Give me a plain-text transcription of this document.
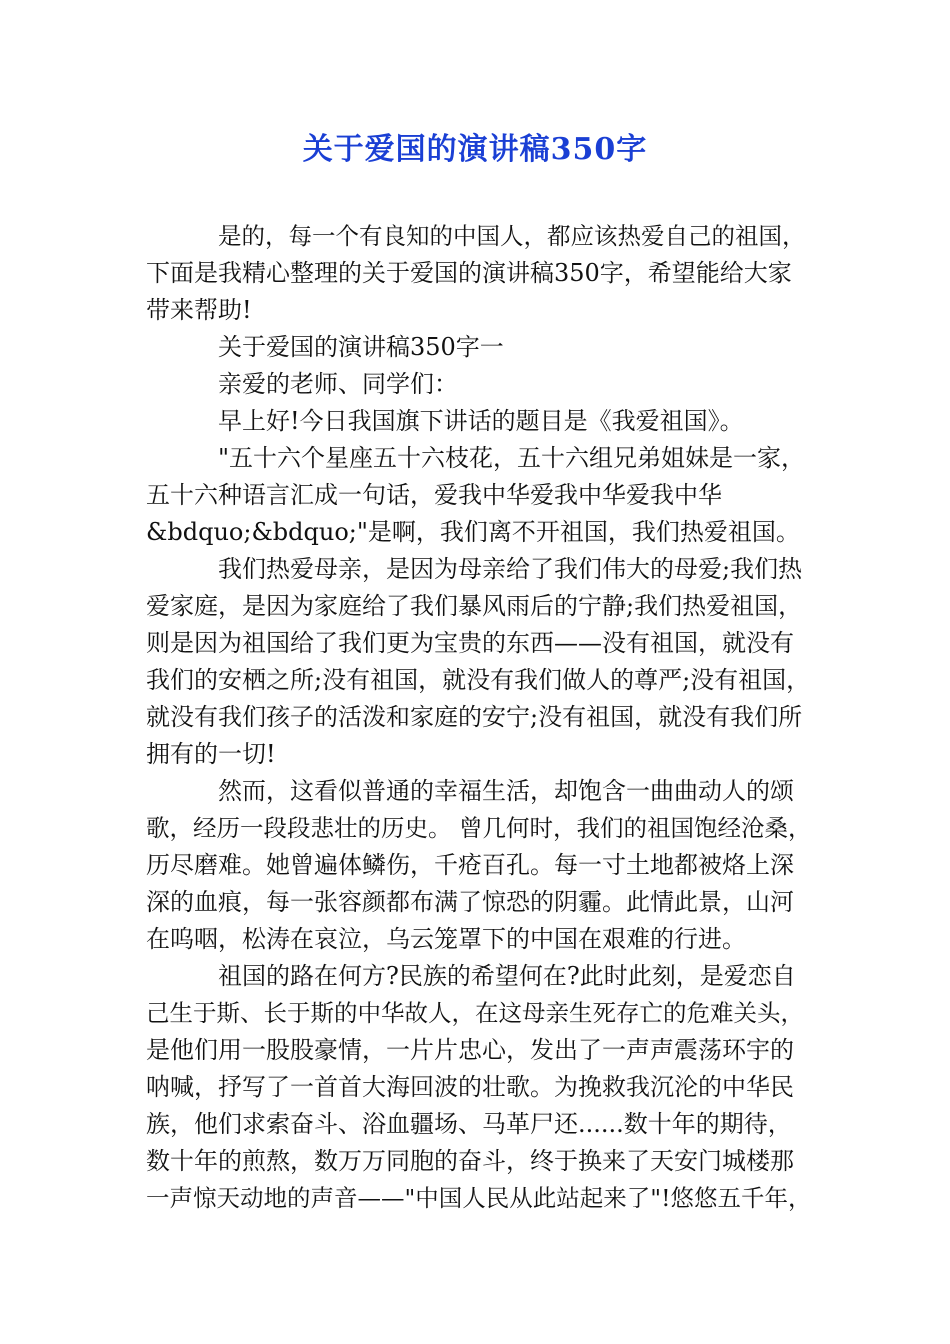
关于爱国的演讲稿350字
是的，每一个有良知的中国人，都应该热爱自己的祖国，
下面是我精心整理的关于爱国的演讲稿350字，希望能给大家
带来帮助!
关于爱国的演讲稿350字一
亲爱的老师、同学们：
早上好!今日我国旗下讲话的题目是《我爱祖国》。
"五十六个星座五十六枝花，五十六组兄弟姐妹是一家，
五十六种语言汇成一句话，爱我中华爱我中华爱我中华
&bdquo;&bdquo;"是啊，我们离不开祖国，我们热爱祖国。
我们热爱母亲，是因为母亲给了我们伟大的母爱;我们热
爱家庭，是因为家庭给了我们暴风雨后的宁静;我们热爱祖国，
则是因为祖国给了我们更为宝贵的东西——没有祖国，就没有
我们的安栖之所;没有祖国，就没有我们做人的尊严;没有祖国，
就没有我们孩子的活泼和家庭的安宁;没有祖国，就没有我们所
拥有的一切!
然而，这看似普通的幸福生活，却饱含一曲曲动人的颂
歌，经历一段段悲壮的历史。 曾几何时，我们的祖国饱经沧桑，
历尽磨难。她曾遍体鳞伤，千疮百孔。每一寸土地都被烙上深
深的血痕，每一张容颜都布满了惊恐的阴霾。此情此景，山河
在呜咽，松涛在哀泣，乌云笼罩下的中国在艰难的行进。
祖国的路在何方?民族的希望何在?此时此刻，是爱恋自
己生于斯、长于斯的中华故人，在这母亲生死存亡的危难关头，
是他们用一股股豪情，一片片忠心，发出了一声声震荡环宇的
呐喊，抒写了一首首大海回波的壮歌。为挽救我沉沦的中华民
族，他们求索奋斗、浴血疆场、马革尸还......数十年的期待，
数十年的煎熬，数万万同胞的奋斗，终于换来了天安门城楼那
一声惊天动地的声音——"中国人民从此站起来了"!悠悠五千年，
